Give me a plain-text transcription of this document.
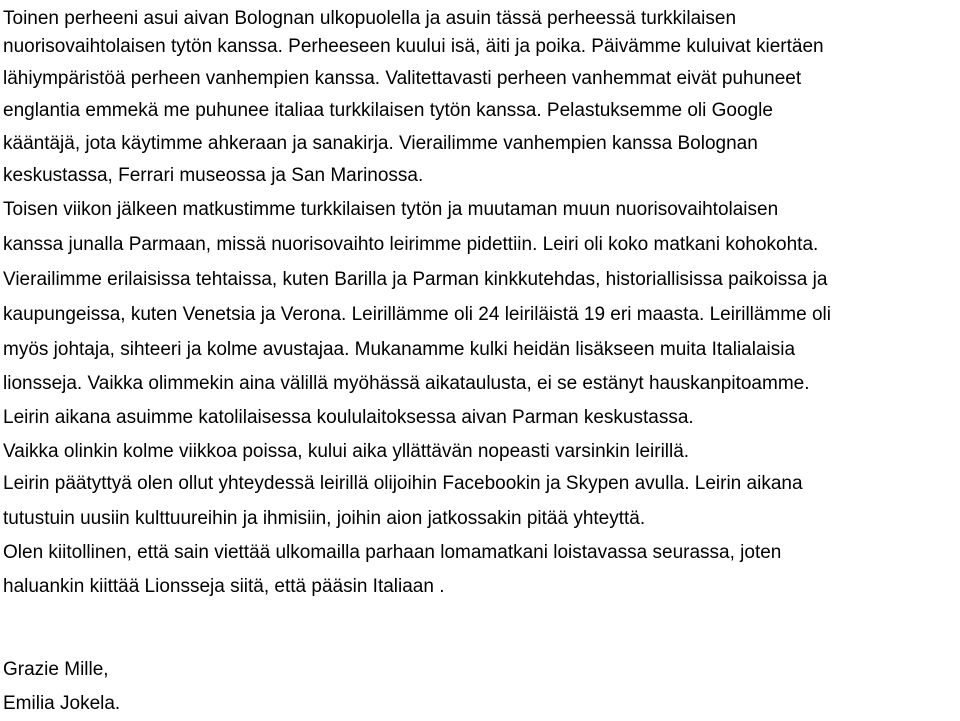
Toinen perheeni asui aivan Bolognan ulkopuolella ja asuin tässä perheessä turkkilaisen
nuorisovaihtolaisen tytön kanssa. Perheeseen kuului isä, äiti ja poika. Päivämme kuluivat kiertäen
lähiympäristöä perheen vanhempien kanssa. Valitettavasti perheen vanhemmat eivät puhuneet
englantia emmekä me puhunee italiaa turkkilaisen tytön kanssa. Pelastuksemme oli Google
kääntäjä, jota käytimme ahkeraan ja sanakirja. Vierailimme vanhempien kanssa Bolognan
keskustassa, Ferrari museossa ja San Marinossa.
Toisen viikon jälkeen matkustimme turkkilaisen tytön ja muutaman muun nuorisovaihtolaisen
kanssa junalla Parmaan, missä nuorisovaihto leirimme pidettiin. Leiri oli koko matkani kohokohta.
Vierailimme erilaisissa tehtaissa, kuten Barilla ja Parman kinkkutehdas, historiallisissa paikoissa ja
kaupungeissa, kuten Venetsia ja Verona. Leirillämme oli 24 leiriläistä 19 eri maasta. Leirillämme oli
myös johtaja, sihteeri ja kolme avustajaa. Mukanamme kulki heidän lisäkseen muita Italialaisia
lionsseja. Vaikka olimmekin aina välillä myöhässä aikataulusta, ei se estänyt hauskanpitoamme.
Leirin aikana asuimme katolilaisessa koululaitoksessa aivan Parman keskustassa.
Vaikka olinkin kolme viikkoa poissa, kului aika yllättävän nopeasti varsinkin leirillä.
Leirin päätyttyä olen ollut yhteydessä leirillä olijoihin Facebookin ja Skypen avulla. Leirin aikana
tutustuin uusiin kulttuureihin ja ihmisiin, joihin aion jatkossakin pitää yhteyttä.
Olen kiitollinen, että sain viettää ulkomailla parhaan lomamatkani loistavassa seurassa, joten
haluankin kiittää Lionsseja siitä, että pääsin Italiaan .
Grazie Mille,
Emilia Jokela.
